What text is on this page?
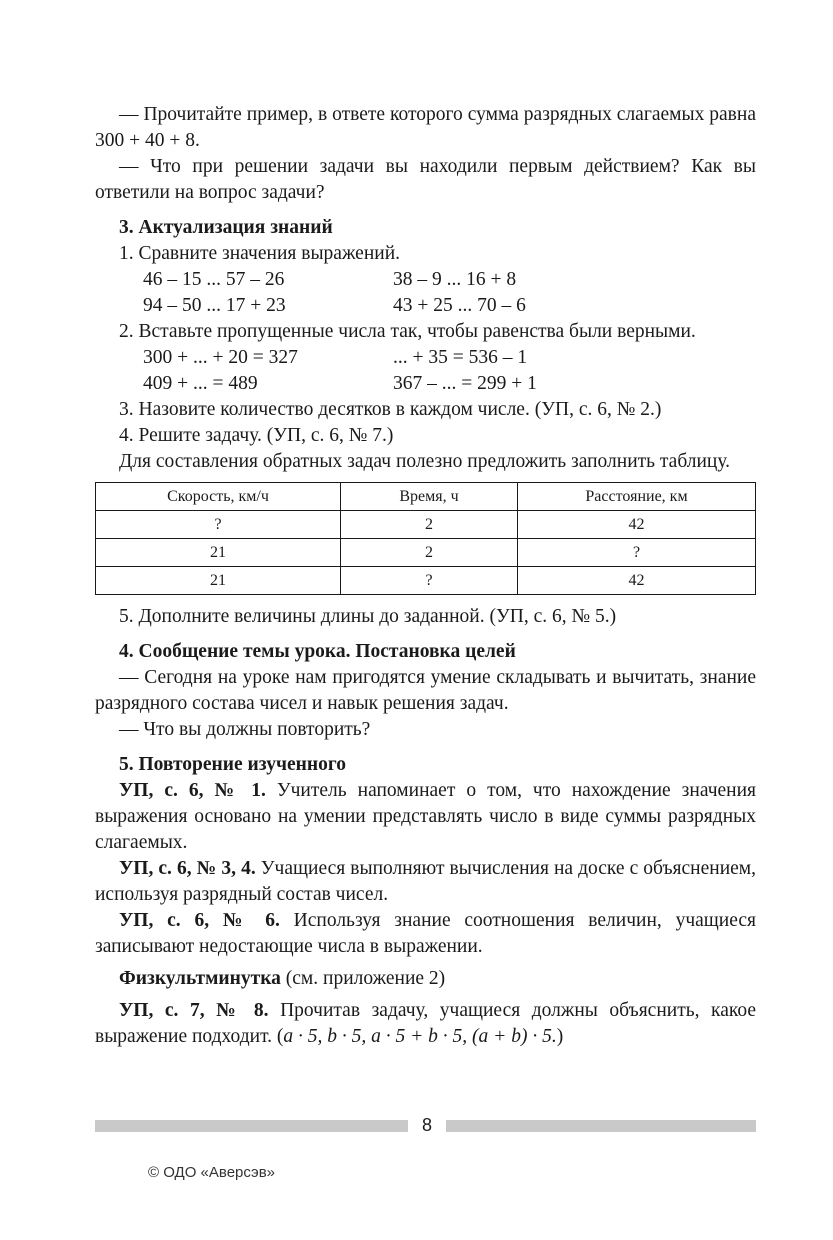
— Прочитайте пример, в ответе которого сумма разрядных слагаемых равна 300 + 40 + 8.

— Что при решении задачи вы находили первым действием? Как вы ответили на вопрос задачи?

3. Актуализация знаний

1. Сравните значения выражений.

46 – 15 ... 57 – 26	38 – 9 ... 16 + 8
94 – 50 ... 17 + 23	43 + 25 ... 70 – 6

2. Вставьте пропущенные числа так, чтобы равенства были верными.

300 + ... + 20 = 327	... + 35 = 536 – 1
409 + ... = 489	367 – ... = 299 + 1

3. Назовите количество десятков в каждом числе. (УП, с. 6, № 2.)

4. Решите задачу. (УП, с. 6, № 7.)

Для составления обратных задач полезно предложить заполнить таблицу.

Скорость, км/ч	Время, ч	Расстояние, км
?	2	42
21	2	?
21	?	42

5. Дополните величины длины до заданной. (УП, с. 6, № 5.)

4. Сообщение темы урока. Постановка целей

— Сегодня на уроке нам пригодятся умение складывать и вычитать, знание разрядного состава чисел и навык решения задач.

— Что вы должны повторить?

5. Повторение изученного

УП, с. 6, № 1. Учитель напоминает о том, что нахождение значения выражения основано на умении представлять число в виде суммы разрядных слагаемых.

УП, с. 6, № 3, 4. Учащиеся выполняют вычисления на доске с объяснением, используя разрядный состав чисел.

УП, с. 6, № 6. Используя знание соотношения величин, учащиеся записывают недостающие числа в выражении.

Физкультминутка (см. приложение 2)

УП, с. 7, № 8. Прочитав задачу, учащиеся должны объяснить, какое выражение подходит. (a · 5, b · 5, a · 5 + b · 5, (a + b) · 5.)

8
© ОДО «Аверсэв»
